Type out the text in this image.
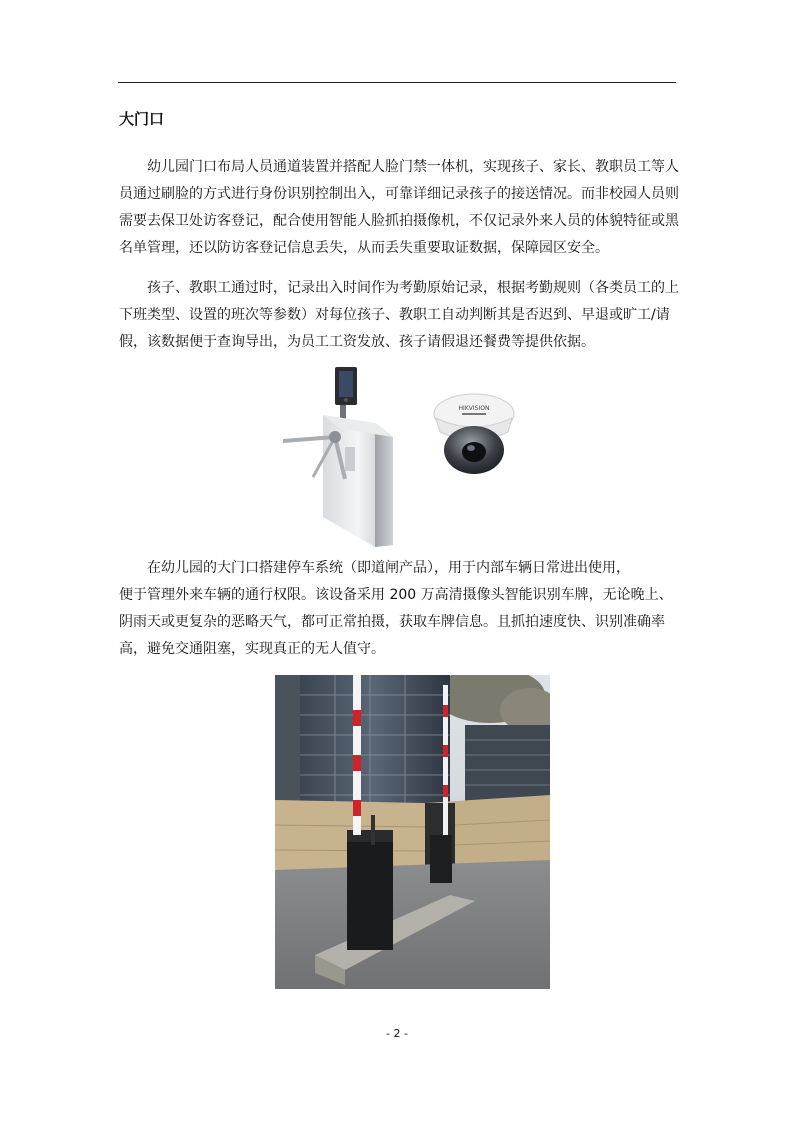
大门口

幼儿园门口布局人员通道装置并搭配人脸门禁一体机，实现孩子、家长、教职员工等人员通过刷脸的方式进行身份识别控制出入，可靠详细记录孩子的接送情况。而非校园人员则需要去保卫处访客登记，配合使用智能人脸抓拍摄像机，不仅记录外来人员的体貌特征或黑名单管理，还以防访客登记信息丢失，从而丢失重要取证数据，保障园区安全。

孩子、教职工通过时，记录出入时间作为考勤原始记录，根据考勤规则（各类员工的上下班类型、设置的班次等参数）对每位孩子、教职工自动判断其是否迟到、早退或旷工/请假，该数据便于查询导出，为员工工资发放、孩子请假退还餐费等提供依据。

HIKVISION

在幼儿园的大门口搭建停车系统（即道闸产品），用于内部车辆日常进出使用，
便于管理外来车辆的通行权限。该设备采用 200 万高清摄像头智能识别车牌，无论晚上、阴雨天或更复杂的恶略天气，都可正常拍摄，获取车牌信息。且抓拍速度快、识别准确率高，避免交通阻塞，实现真正的无人值守。

- 2 -
